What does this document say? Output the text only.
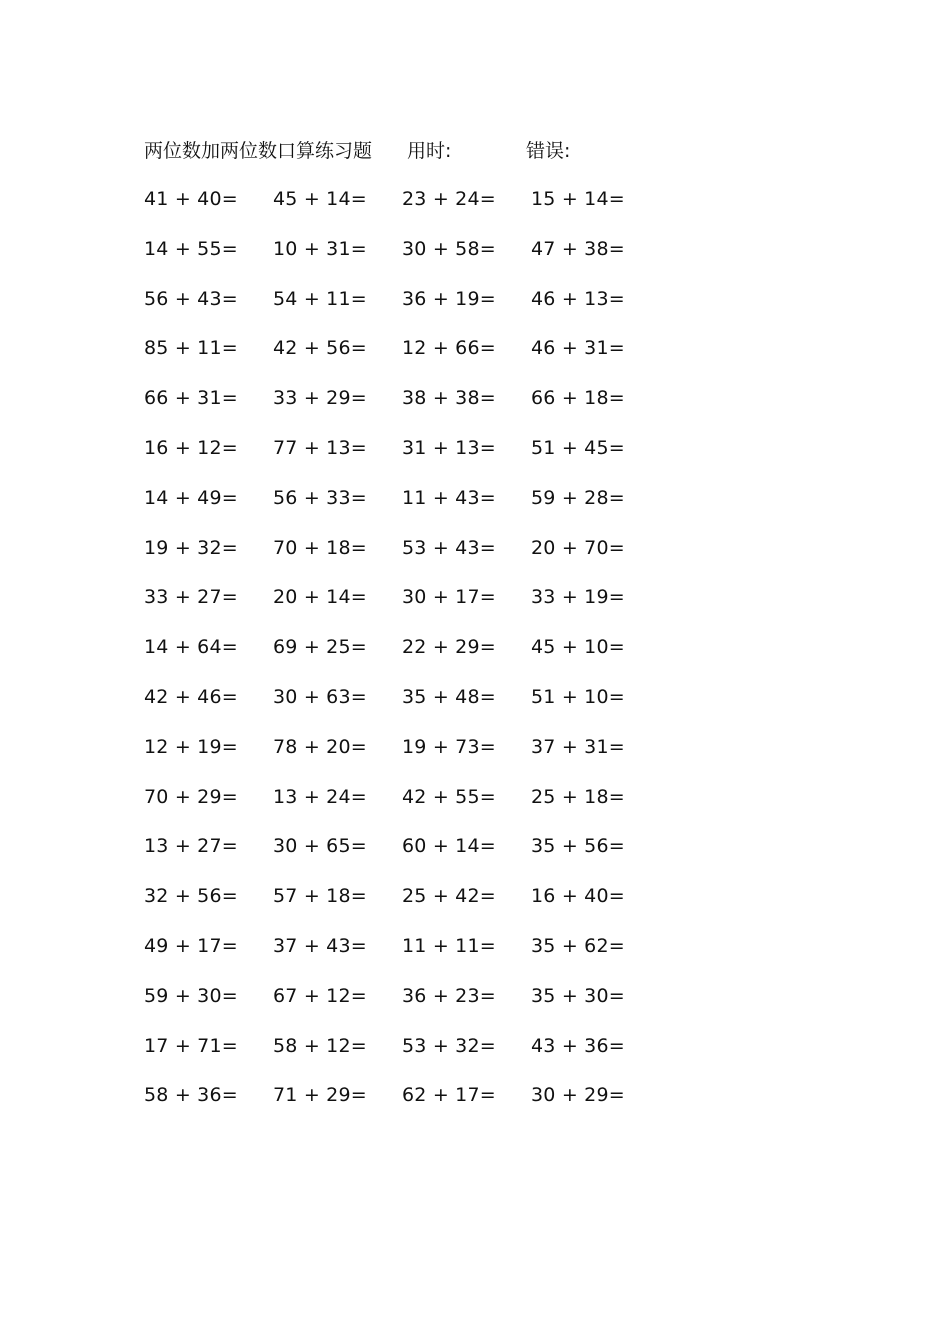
两位数加两位数口算练习题 用时:	错误:
41 + 40= 45 + 14= 23 + 24= 15 + 14=
14 + 55= 10 + 31= 30 + 58= 47 + 38=
56 + 43= 54 + 11= 36 + 19= 46 + 13=
85 + 11= 42 + 56= 12 + 66= 46 + 31=
66 + 31= 33 + 29= 38 + 38= 66 + 18=
16 + 12= 77 + 13= 31 + 13= 51 + 45=
14 + 49= 56 + 33= 11 + 43= 59 + 28=
19 + 32= 70 + 18= 53 + 43= 20 + 70=
33 + 27= 20 + 14= 30 + 17= 33 + 19=
14 + 64= 69 + 25= 22 + 29= 45 + 10=
42 + 46= 30 + 63= 35 + 48= 51 + 10=
12 + 19= 78 + 20= 19 + 73= 37 + 31=
70 + 29= 13 + 24= 42 + 55= 25 + 18=
13 + 27= 30 + 65= 60 + 14= 35 + 56=
32 + 56= 57 + 18= 25 + 42= 16 + 40=
49 + 17= 37 + 43= 11 + 11= 35 + 62=
59 + 30= 67 + 12= 36 + 23= 35 + 30=
17 + 71= 58 + 12= 53 + 32= 43 + 36=
58 + 36= 71 + 29= 62 + 17= 30 + 29=
